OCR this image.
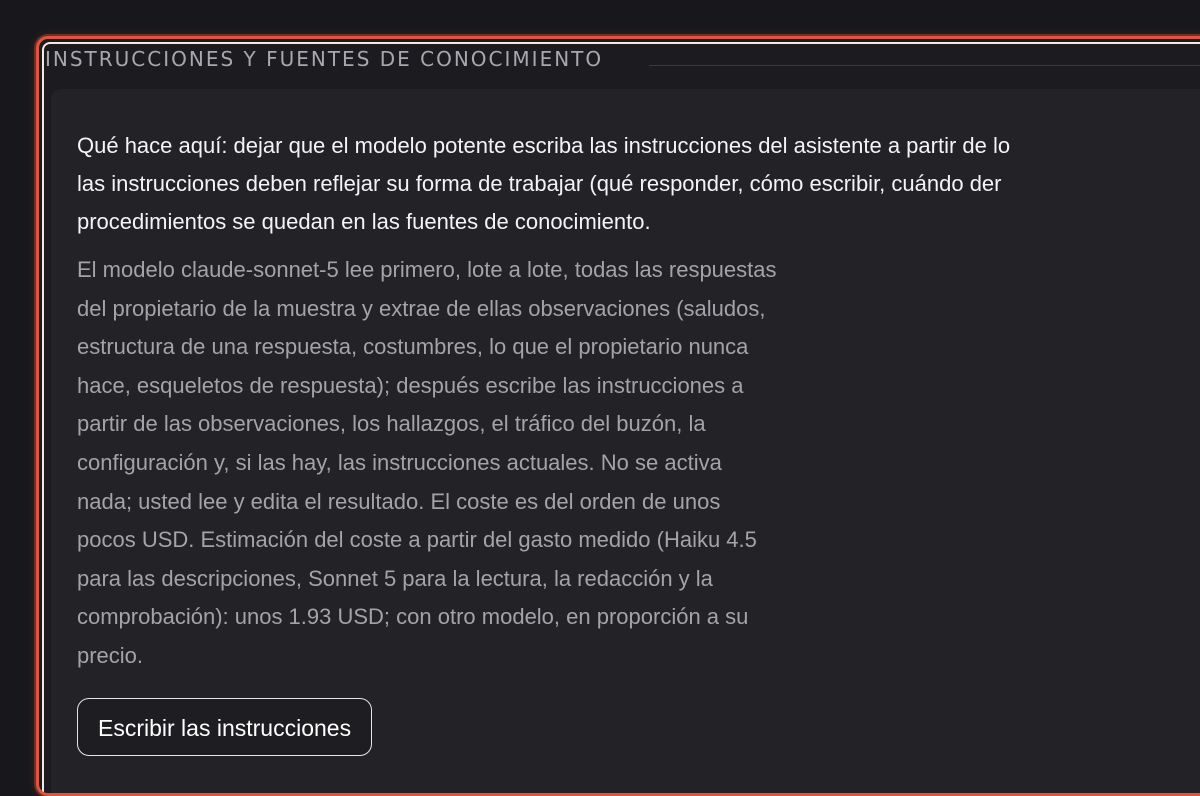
INSTRUCCIONES Y FUENTES DE CONOCIMIENTO
Qué hace aquí: dejar que el modelo potente escriba las instrucciones del asistente a partir de lo
las instrucciones deben reflejar su forma de trabajar (qué responder, cómo escribir, cuándo der
procedimientos se quedan en las fuentes de conocimiento.
El modelo claude-sonnet-5 lee primero, lote a lote, todas las respuestas
del propietario de la muestra y extrae de ellas observaciones (saludos,
estructura de una respuesta, costumbres, lo que el propietario nunca
hace, esqueletos de respuesta); después escribe las instrucciones a
partir de las observaciones, los hallazgos, el tráfico del buzón, la
configuración y, si las hay, las instrucciones actuales. No se activa
nada; usted lee y edita el resultado. El coste es del orden de unos
pocos USD. Estimación del coste a partir del gasto medido (Haiku 4.5
para las descripciones, Sonnet 5 para la lectura, la redacción y la
comprobación): unos 1.93 USD; con otro modelo, en proporción a su
precio.
Escribir las instrucciones
